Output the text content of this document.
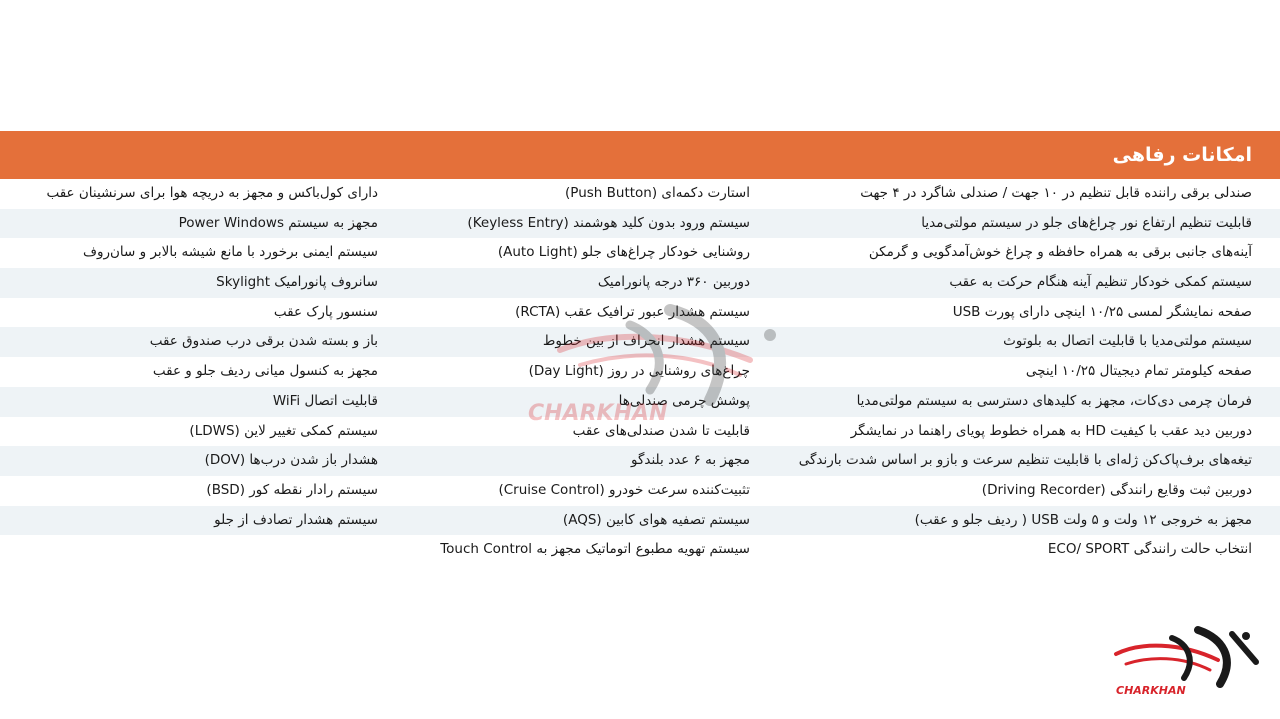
امکانات رفاهی
صندلی برقی راننده قابل تنظیم در ۱۰ جهت / صندلی شاگرد در ۴ جهت
استارت دکمه‌ای (Push Button)
دارای کول‌باکس و مجهز به دریچه هوا برای سرنشینان عقب
قابلیت تنظیم ارتفاع نور چراغ‌های جلو در سیستم مولتی‌مدیا
سیستم ورود بدون کلید هوشمند (Keyless Entry)
مجهز به سیستم Power Windows
آینه‌های جانبی برقی به همراه حافظه و چراغ خوش‌آمدگویی و گرمکن
روشنایی خودکار چراغ‌های جلو (Auto Light)
سیستم ایمنی برخورد با مانع شیشه بالابر و سان‌روف
سیستم کمکی خودکار تنظیم آینه هنگام حرکت به عقب
دوربین ۳۶۰ درجه پانورامیک
سانروف پانورامیک Skylight
صفحه نمایشگر لمسی ۱۰/۲۵ اینچی دارای پورت USB
سیستم هشدار عبور ترافیک عقب (RCTA)
سنسور پارک عقب
سیستم مولتی‌مدیا با قابلیت اتصال به بلوتوث
سیستم هشدار انحراف از بین خطوط
باز و بسته شدن برقی درب صندوق عقب
صفحه کیلومتر تمام دیجیتال ۱۰/۲۵ اینچی
چراغ‌های روشنایی در روز (Day Light)
مجهز به کنسول میانی ردیف جلو و عقب
فرمان چرمی دی‌کات، مجهز به کلیدهای دسترسی به سیستم مولتی‌مدیا
پوشش چرمی صندلی‌ها
قابلیت اتصال WiFi
دوربین دید عقب با کیفیت HD به همراه خطوط پویای راهنما در نمایشگر
قابلیت تا شدن صندلی‌های عقب
سیستم کمکی تغییر لاین (LDWS)
تیغه‌های برف‌پاک‌کن ژله‌ای با قابلیت تنظیم سرعت و بازو بر اساس شدت بارندگی
مجهز به ۶ عدد بلندگو
هشدار باز شدن درب‌ها (DOV)
دوربین ثبت وقایع رانندگی (Driving Recorder)
تثبیت‌کننده سرعت خودرو (Cruise Control)
سیستم رادار نقطه کور (BSD)
مجهز به خروجی ۱۲ ولت و ۵ ولت USB ( ردیف جلو و عقب)
سیستم تصفیه هوای کابین (AQS)
سیستم هشدار تصادف از جلو
انتخاب حالت رانندگی ECO/ SPORT
سیستم تهویه مطبوع اتوماتیک مجهز به Touch Control
CHARKHAN
CHARKHAN
